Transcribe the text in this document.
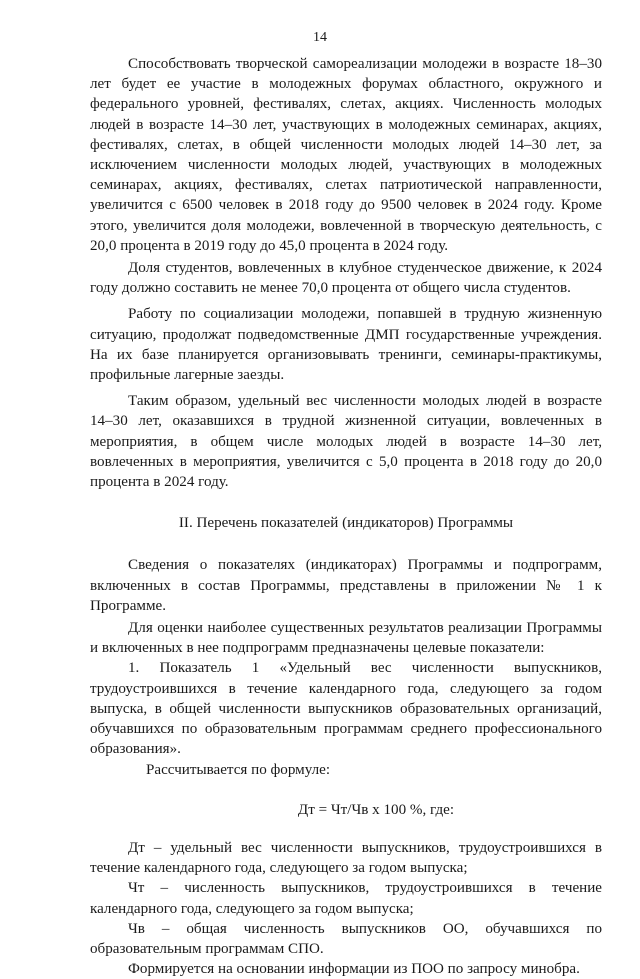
14

Способствовать творческой самореализации молодежи в возрасте 18–30 лет будет ее участие в молодежных форумах областного, окружного и федерального уровней, фестивалях, слетах, акциях. Численность молодых людей в возрасте 14–30 лет, участвующих в молодежных семинарах, акциях, фестивалях, слетах, в общей численности молодых людей 14–30 лет, за исключением численности молодых людей, участвующих в молодежных семинарах, акциях, фестивалях, слетах патриотической направленности, увеличится с 6500 человек в 2018 году до 9500 человек в 2024 году. Кроме этого, увеличится доля молодежи, вовлеченной в творческую деятельность, с 20,0 процента в 2019 году до 45,0 процента в 2024 году.

Доля студентов, вовлеченных в клубное студенческое движение, к 2024 году должно составить не менее 70,0 процента от общего числа студентов.

Работу по социализации молодежи, попавшей в трудную жизненную ситуацию, продолжат подведомственные ДМП государственные учреждения. На их базе планируется организовывать тренинги, семинары-практикумы, профильные лагерные заезды.

Таким образом, удельный вес численности молодых людей в возрасте 14–30 лет, оказавшихся в трудной жизненной ситуации, вовлеченных в мероприятия, в общем числе молодых людей в возрасте 14–30 лет, вовлеченных в мероприятия, увеличится с 5,0 процента в 2018 году до 20,0 процента в 2024 году.

II. Перечень показателей (индикаторов) Программы

Сведения о показателях (индикаторах) Программы и подпрограмм, включенных в состав Программы, представлены в приложении № 1 к Программе.

Для оценки наиболее существенных результатов реализации Программы и включенных в нее подпрограмм предназначены целевые показатели:

1. Показатель 1 «Удельный вес численности выпускников, трудоустроившихся в течение календарного года, следующего за годом выпуска, в общей численности выпускников образовательных организаций, обучавшихся по образовательным программам среднего профессионального образования».

Рассчитывается по формуле:

Дт = Чт/Чв х 100 %, где:

Дт – удельный вес численности выпускников, трудоустроившихся в течение календарного года, следующего за годом выпуска;

Чт – численность выпускников, трудоустроившихся в течение календарного года, следующего за годом выпуска;

Чв – общая численность выпускников ОО, обучавшихся по образовательным программам СПО.

Формируется на основании информации из ПОО по запросу минобра.
